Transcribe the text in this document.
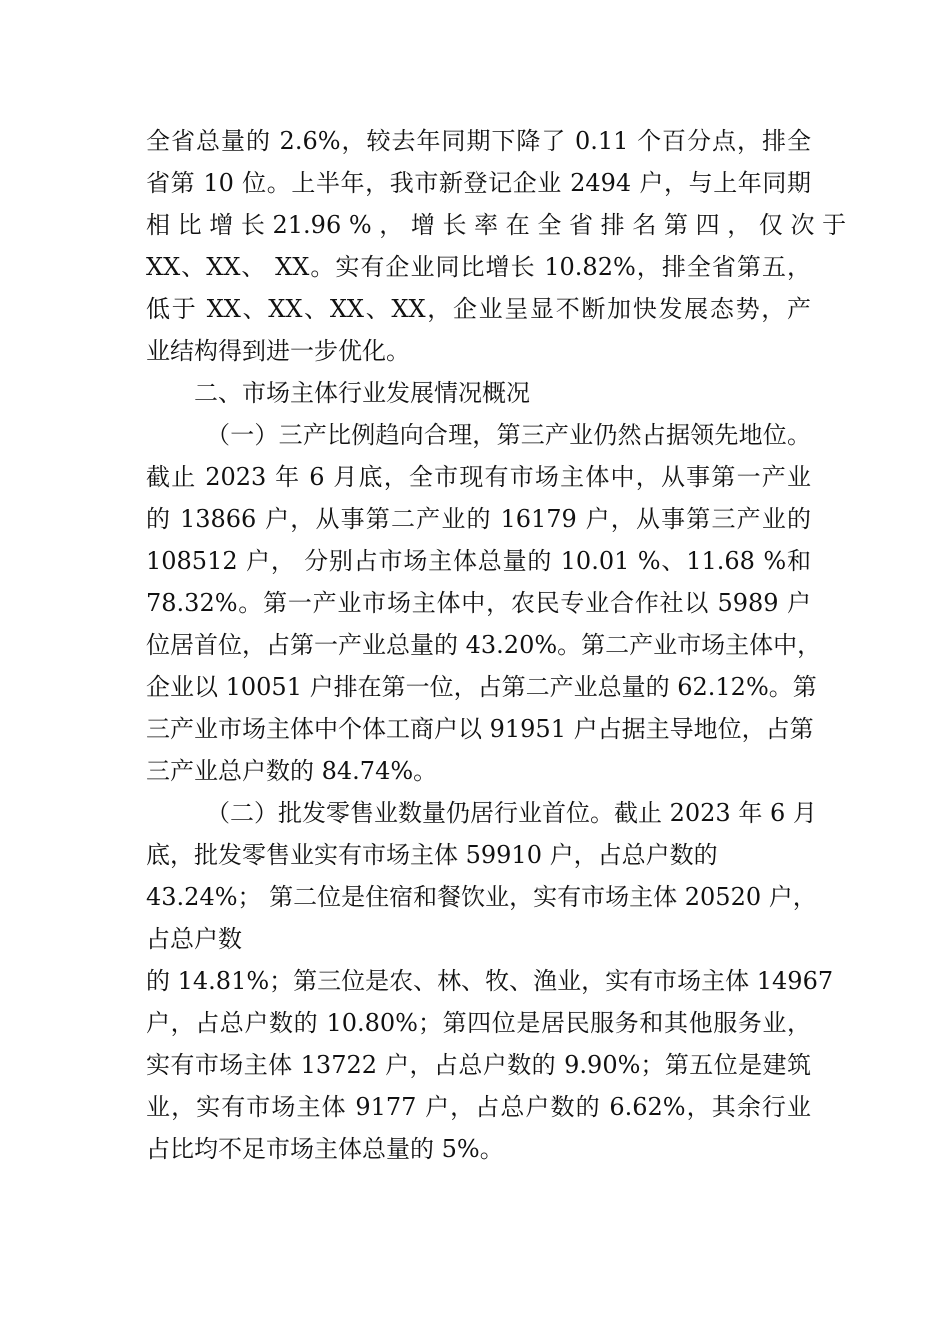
全省总量的 2.6%，较去年同期下降了 0.11 个百分点，排全
省第 10 位。上半年，我市新登记企业 2494 户，与上年同期
相 比 增 长 21.96 % ， 增 长 率 在 全 省 排 名 第 四 ， 仅 次 于
XX、XX、 XX。实有企业同比增长 10.82%，排全省第五，
低于 XX、XX、XX、XX，企业呈显不断加快发展态势，产
业结构得到进一步优化。
二、市场主体行业发展情况概况
（一）三产比例趋向合理，第三产业仍然占据领先地位。
截止 2023 年 6 月底，全市现有市场主体中，从事第一产业
的 13866 户，从事第二产业的 16179 户，从事第三产业的
108512 户， 分别占市场主体总量的 10.01 %、11.68 %和
78.32%。第一产业市场主体中，农民专业合作社以 5989 户
位居首位，占第一产业总量的 43.20%。第二产业市场主体中，
企业以 10051 户排在第一位，占第二产业总量的 62.12%。第
三产业市场主体中个体工商户以 91951 户占据主导地位，占第
三产业总户数的 84.74%。
（二）批发零售业数量仍居行业首位。截止 2023 年 6 月
底，批发零售业实有市场主体 59910 户，占总户数的
43.24%； 第二位是住宿和餐饮业，实有市场主体 20520 户，
占总户数
的 14.81%；第三位是农、林、牧、渔业，实有市场主体 14967
户，占总户数的 10.80%；第四位是居民服务和其他服务业，
实有市场主体 13722 户，占总户数的 9.90%；第五位是建筑
业，实有市场主体 9177 户，占总户数的 6.62%，其余行业
占比均不足市场主体总量的 5%。
